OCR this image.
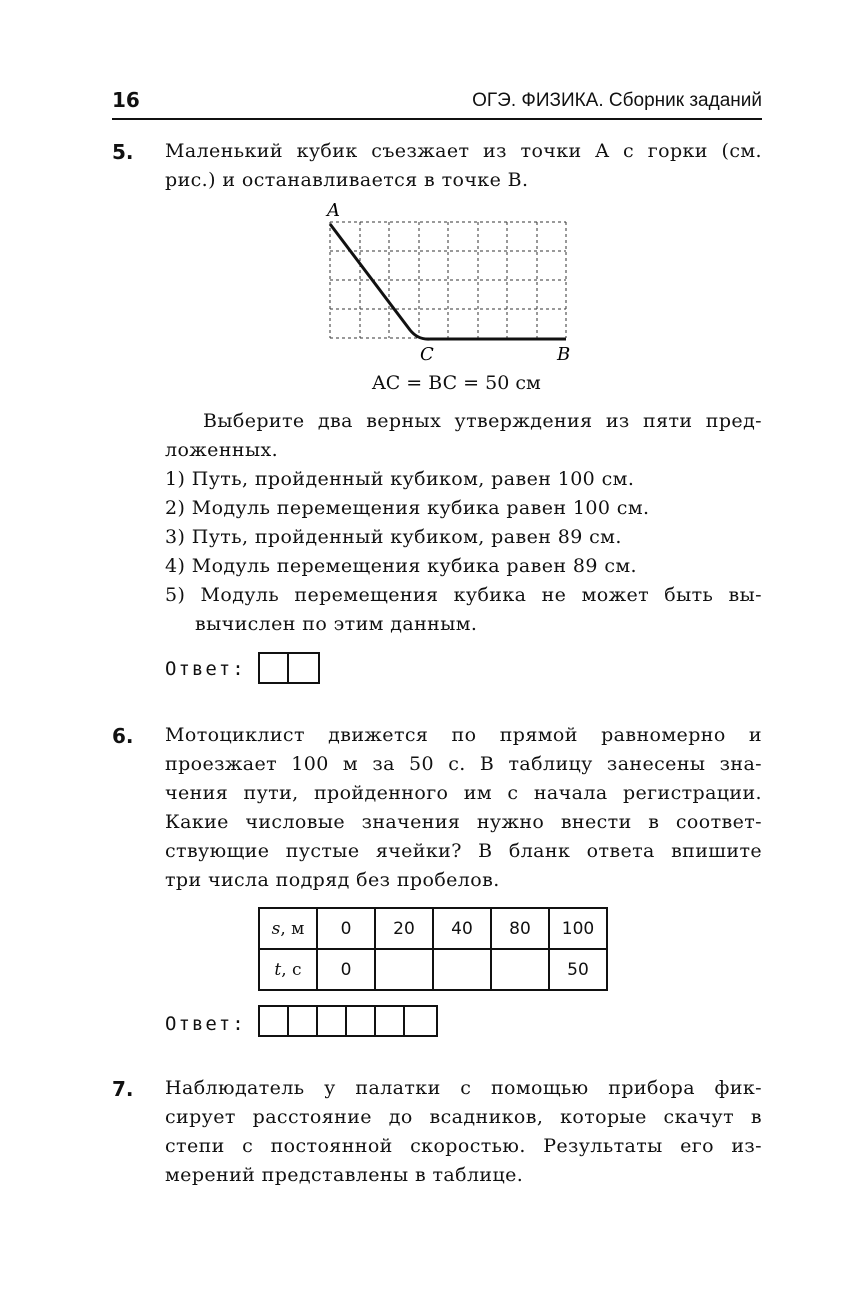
16	ОГЭ. ФИЗИКА. Сборник заданий
5. Маленький кубик съезжает из точки A с горки (см.
рис.) и останавливается в точке B.
A
C	B
AC = BC = 50 см
Выберите два верных утверждения из пяти пред-
ложенных.
1) Путь, пройденный кубиком, равен 100 см.
2) Модуль перемещения кубика равен 100 см.
3) Путь, пройденный кубиком, равен 89 см.
4) Модуль перемещения кубика равен 89 см.
5) Модуль перемещения кубика не может быть вы-
вычислен по этим данным.
Ответ:
6. Мотоциклист движется по прямой равномерно и
проезжает 100 м за 50 с. В таблицу занесены зна-
чения пути, пройденного им с начала регистрации.
Какие числовые значения нужно внести в соответ-
ствующие пустые ячейки? В бланк ответа впишите
три числа подряд без пробелов.
s, м	0	20	40	80	100
t, с	0				50
Ответ:
7. Наблюдатель у палатки с помощью прибора фик-
сирует расстояние до всадников, которые скачут в
степи с постоянной скоростью. Результаты его из-
мерений представлены в таблице.
